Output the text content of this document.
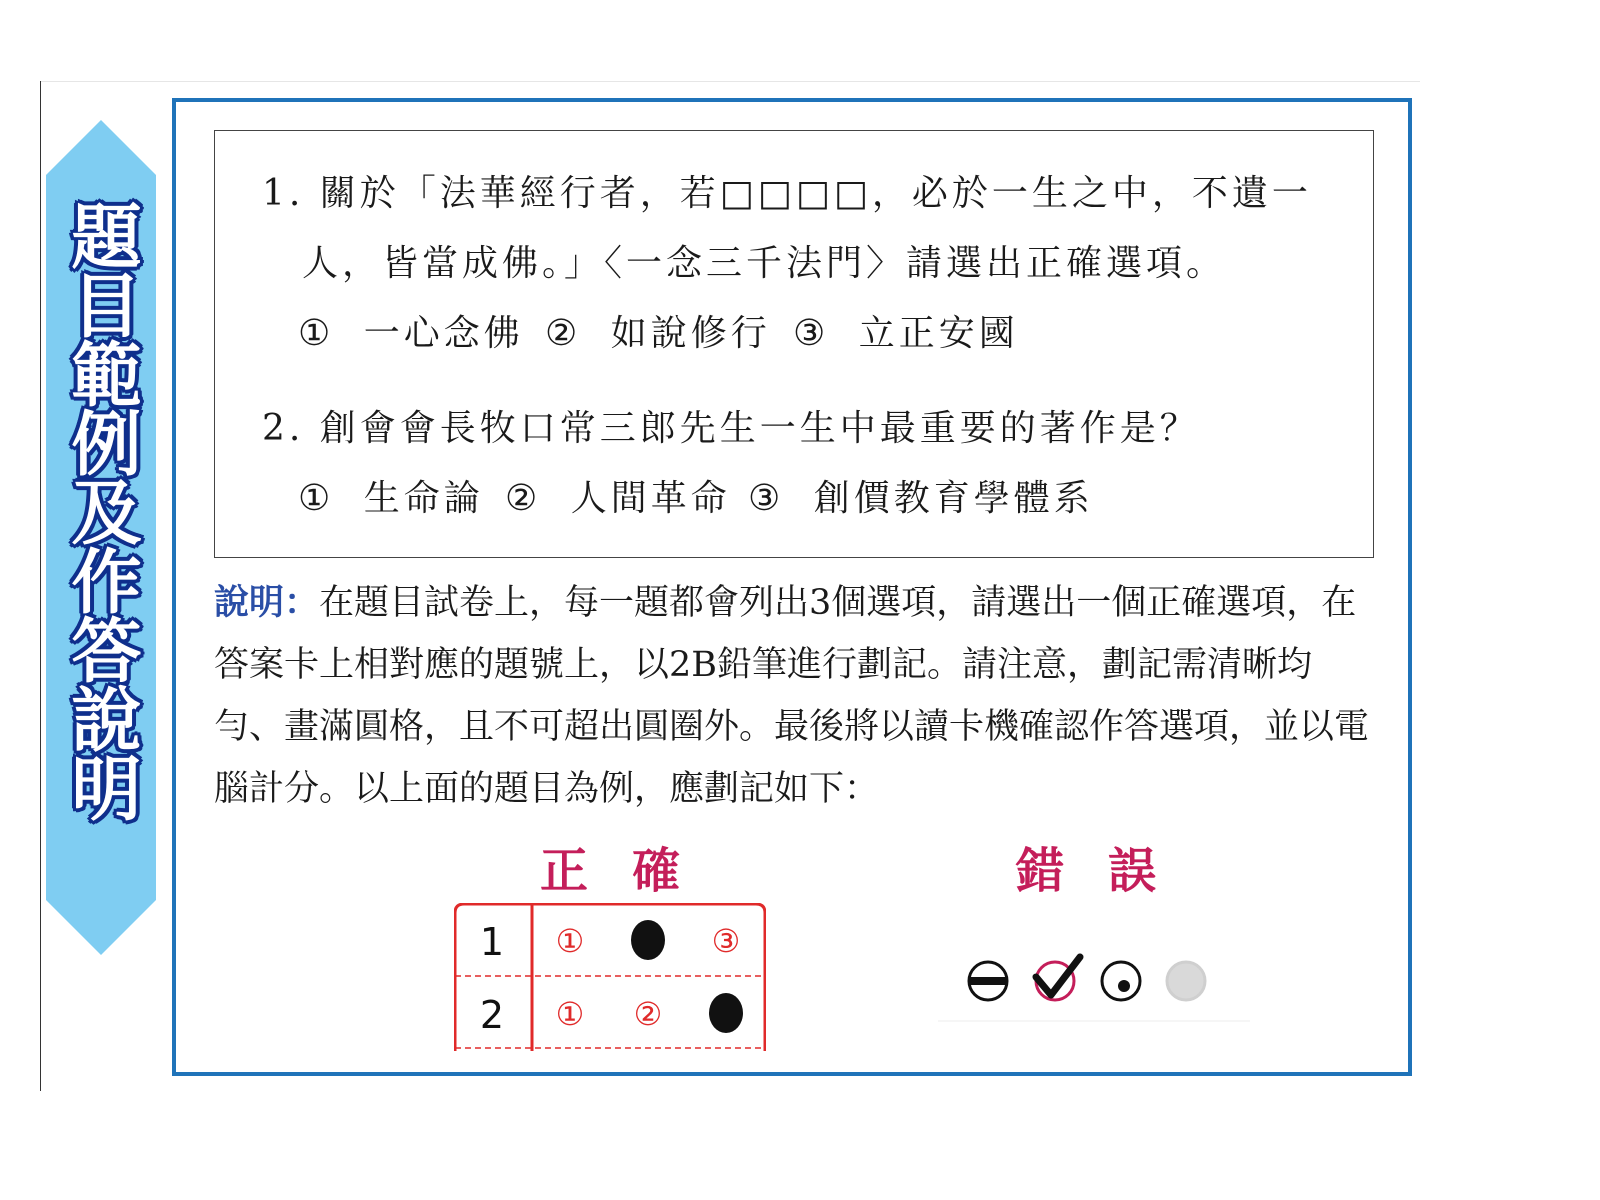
題目範例及作答說明
1. 關於「法華經行者，若□□□□，必於一生之中，不遺一
人，皆當成佛。」〈一念三千法門〉請選出正確選項。
① 一心念佛 ② 如說修行 ③ 立正安國
2. 創會會長牧口常三郎先生一生中最重要的著作是？
① 生命論 ② 人間革命 ③ 創價教育學體系
說明：在題目試卷上，每一題都會列出3個選項，請選出一個正確選項，在答案卡上相對應的題號上，以2B鉛筆進行劃記。請注意，劃記需清晰均勻、畫滿圓格，且不可超出圓圈外。最後將以讀卡機確認作答選項，並以電腦計分。以上面的題目為例，應劃記如下：
正確	錯誤
1 ①	③
2 ① ②
